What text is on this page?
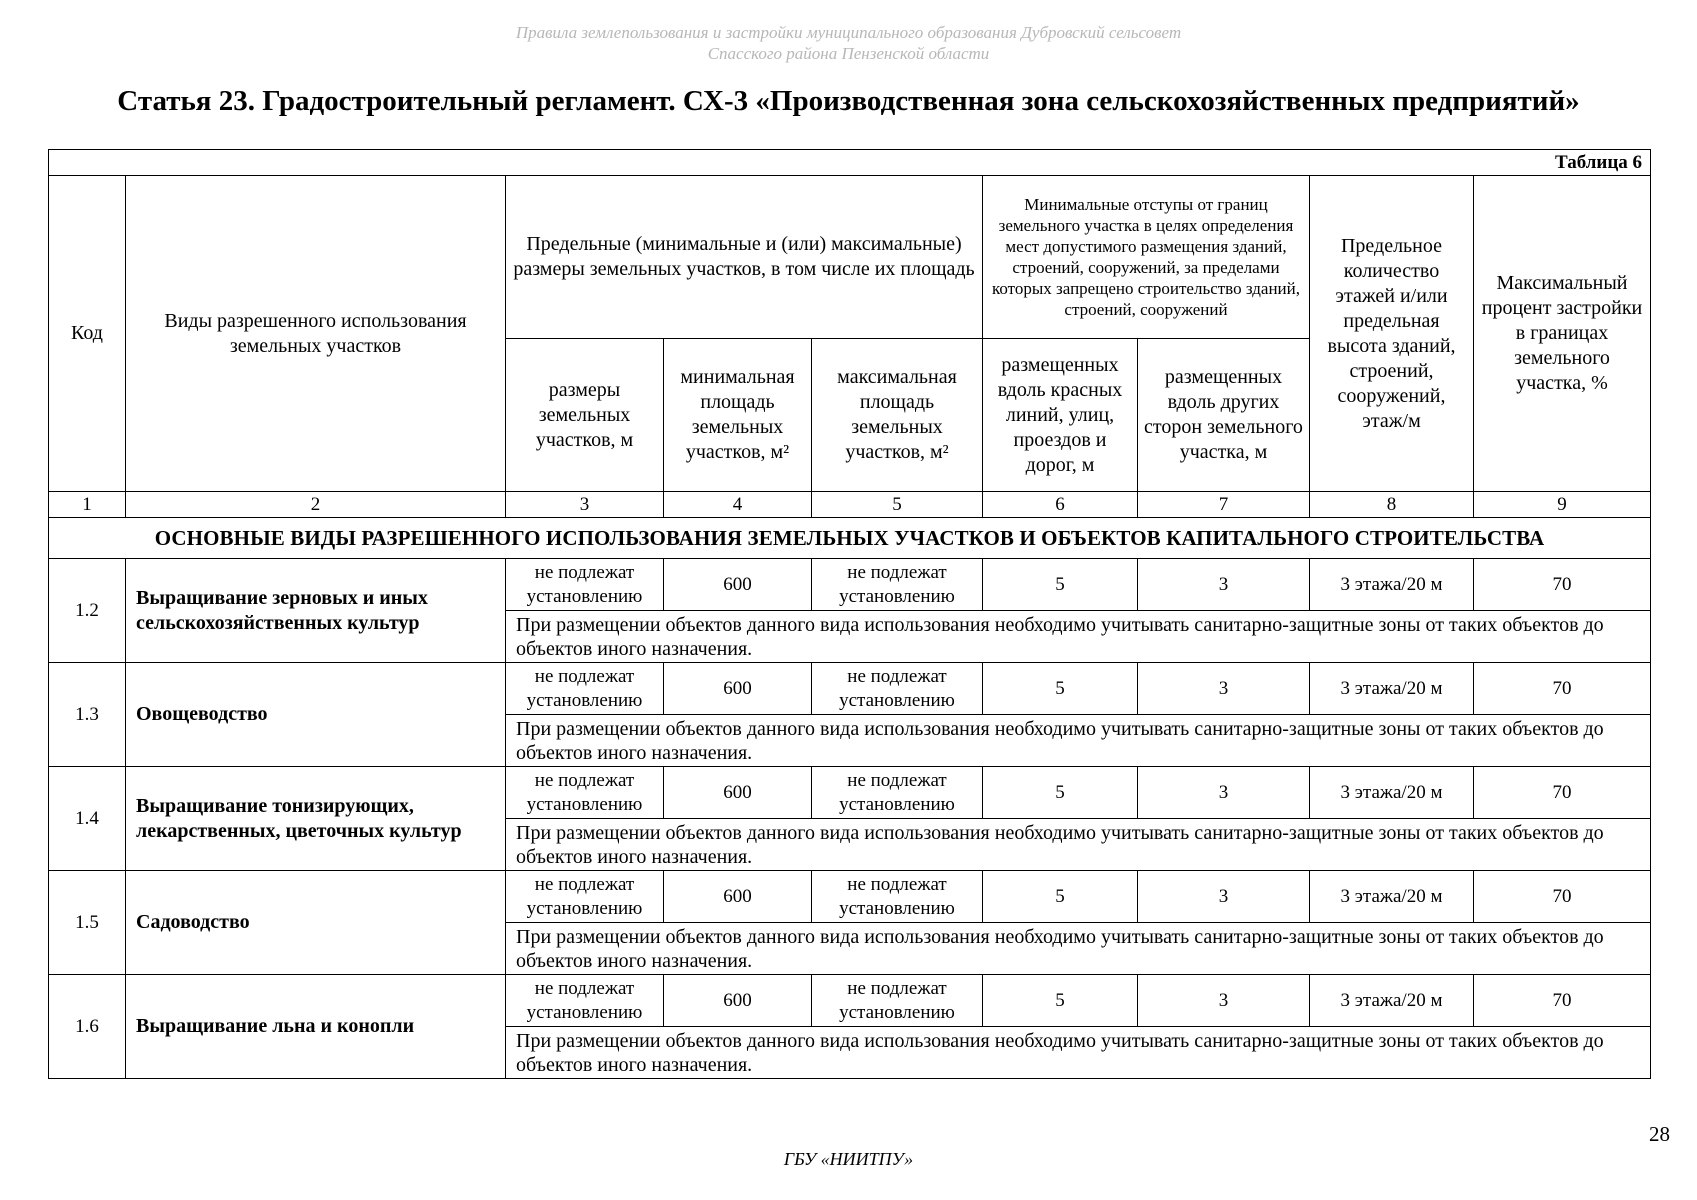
Правила землепользования и застройки муниципального образования Дубровский сельсовет
Спасского района Пензенской области
Статья 23. Градостроительный регламент. СХ-3 «Производственная зона сельскохозяйственных предприятий»
Таблица 6								
Код	Виды разрешенного использования земельных участков	Предельные (минимальные и (или) максимальные) размеры земельных участков, в том числе их площадь			Минимальные отступы от границ земельного участка в целях определения мест допустимого размещения зданий, строений, сооружений, за пределами которых запрещено строительство зданий, строений, сооружений		Предельное количество этажей и/или предельная высота зданий, строений, сооружений, этаж/м	Максимальный процент застройки в границах земельного участка, %
		размеры земельных участков, м	минимальная площадь земельных участков, м²	максимальная площадь земельных участков, м²	размещенных вдоль красных линий, улиц, проездов и дорог, м	размещенных вдоль других сторон земельного участка, м		
1	2	3	4	5	6	7	8	9
ОСНОВНЫЕ ВИДЫ РАЗРЕШЕННОГО ИСПОЛЬЗОВАНИЯ ЗЕМЕЛЬНЫХ УЧАСТКОВ И ОБЪЕКТОВ КАПИТАЛЬНОГО СТРОИТЕЛЬСТВА								
1.2	Выращивание зерновых и иных сельскохозяйственных культур	не подлежат установлению	600	не подлежат установлению	5	3	3 этажа/20 м	70
		При размещении объектов данного вида использования необходимо учитывать санитарно-защитные зоны от таких объектов до объектов иного назначения.						
1.3	Овощеводство	не подлежат установлению	600	не подлежат установлению	5	3	3 этажа/20 м	70
		При размещении объектов данного вида использования необходимо учитывать санитарно-защитные зоны от таких объектов до объектов иного назначения.						
1.4	Выращивание тонизирующих, лекарственных, цветочных культур	не подлежат установлению	600	не подлежат установлению	5	3	3 этажа/20 м	70
		При размещении объектов данного вида использования необходимо учитывать санитарно-защитные зоны от таких объектов до объектов иного назначения.						
1.5	Садоводство	не подлежат установлению	600	не подлежат установлению	5	3	3 этажа/20 м	70
		При размещении объектов данного вида использования необходимо учитывать санитарно-защитные зоны от таких объектов до объектов иного назначения.						
1.6	Выращивание льна и конопли	не подлежат установлению	600	не подлежат установлению	5	3	3 этажа/20 м	70
		При размещении объектов данного вида использования необходимо учитывать санитарно-защитные зоны от таких объектов до объектов иного назначения.						
28
ГБУ «НИИТПУ»
